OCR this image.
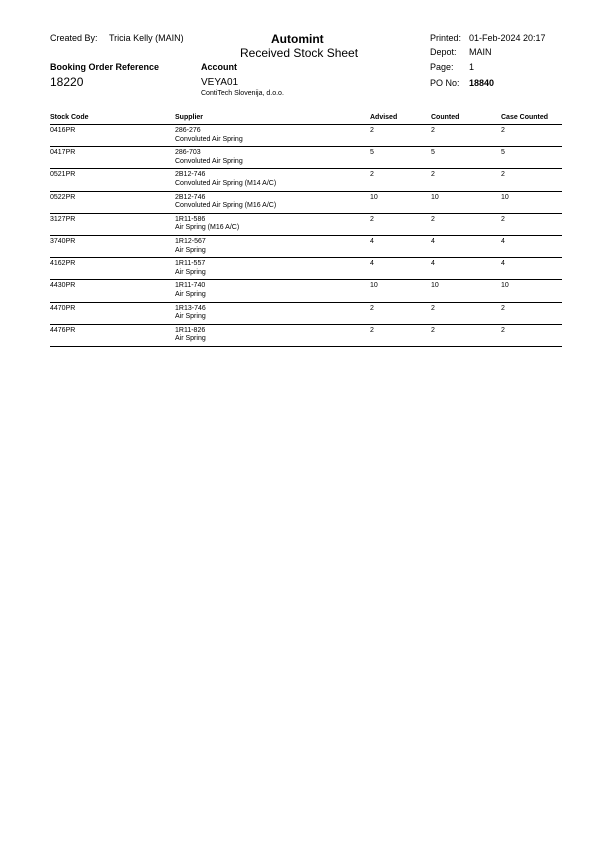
Created By: Tricia Kelly (MAIN)	Automint
Received Stock Sheet
Printed: 01-Feb-2024 20:17
Depot: MAIN
Page: 1
PO No: 18840
Booking Order Reference
18220
Account
VEYA01
ContiTech Slovenija, d.o.o.
Stock Code	Supplier	Advised	Counted	Case Counted
0416PR	286-276
Convoluted Air Spring
2	2	2
0417PR	286-703
Convoluted Air Spring
5	5	5
0521PR	2B12-746
Convoluted Air Spring (M14 A/C)
2	2	2
0522PR	2B12-746
Convoluted Air Spring (M16 A/C)
10	10	10
3127PR	1R11-586
Air Spring (M16 A/C)
2	2	2
3740PR	1R12-567
Air Spring
4	4	4
4162PR	1R11-557
Air Spring
4	4	4
4430PR	1R11-740
Air Spring
10	10	10
4470PR	1R13-746
Air Spring
2	2	2
4476PR	1R11-826
Air Spring
2	2	2
